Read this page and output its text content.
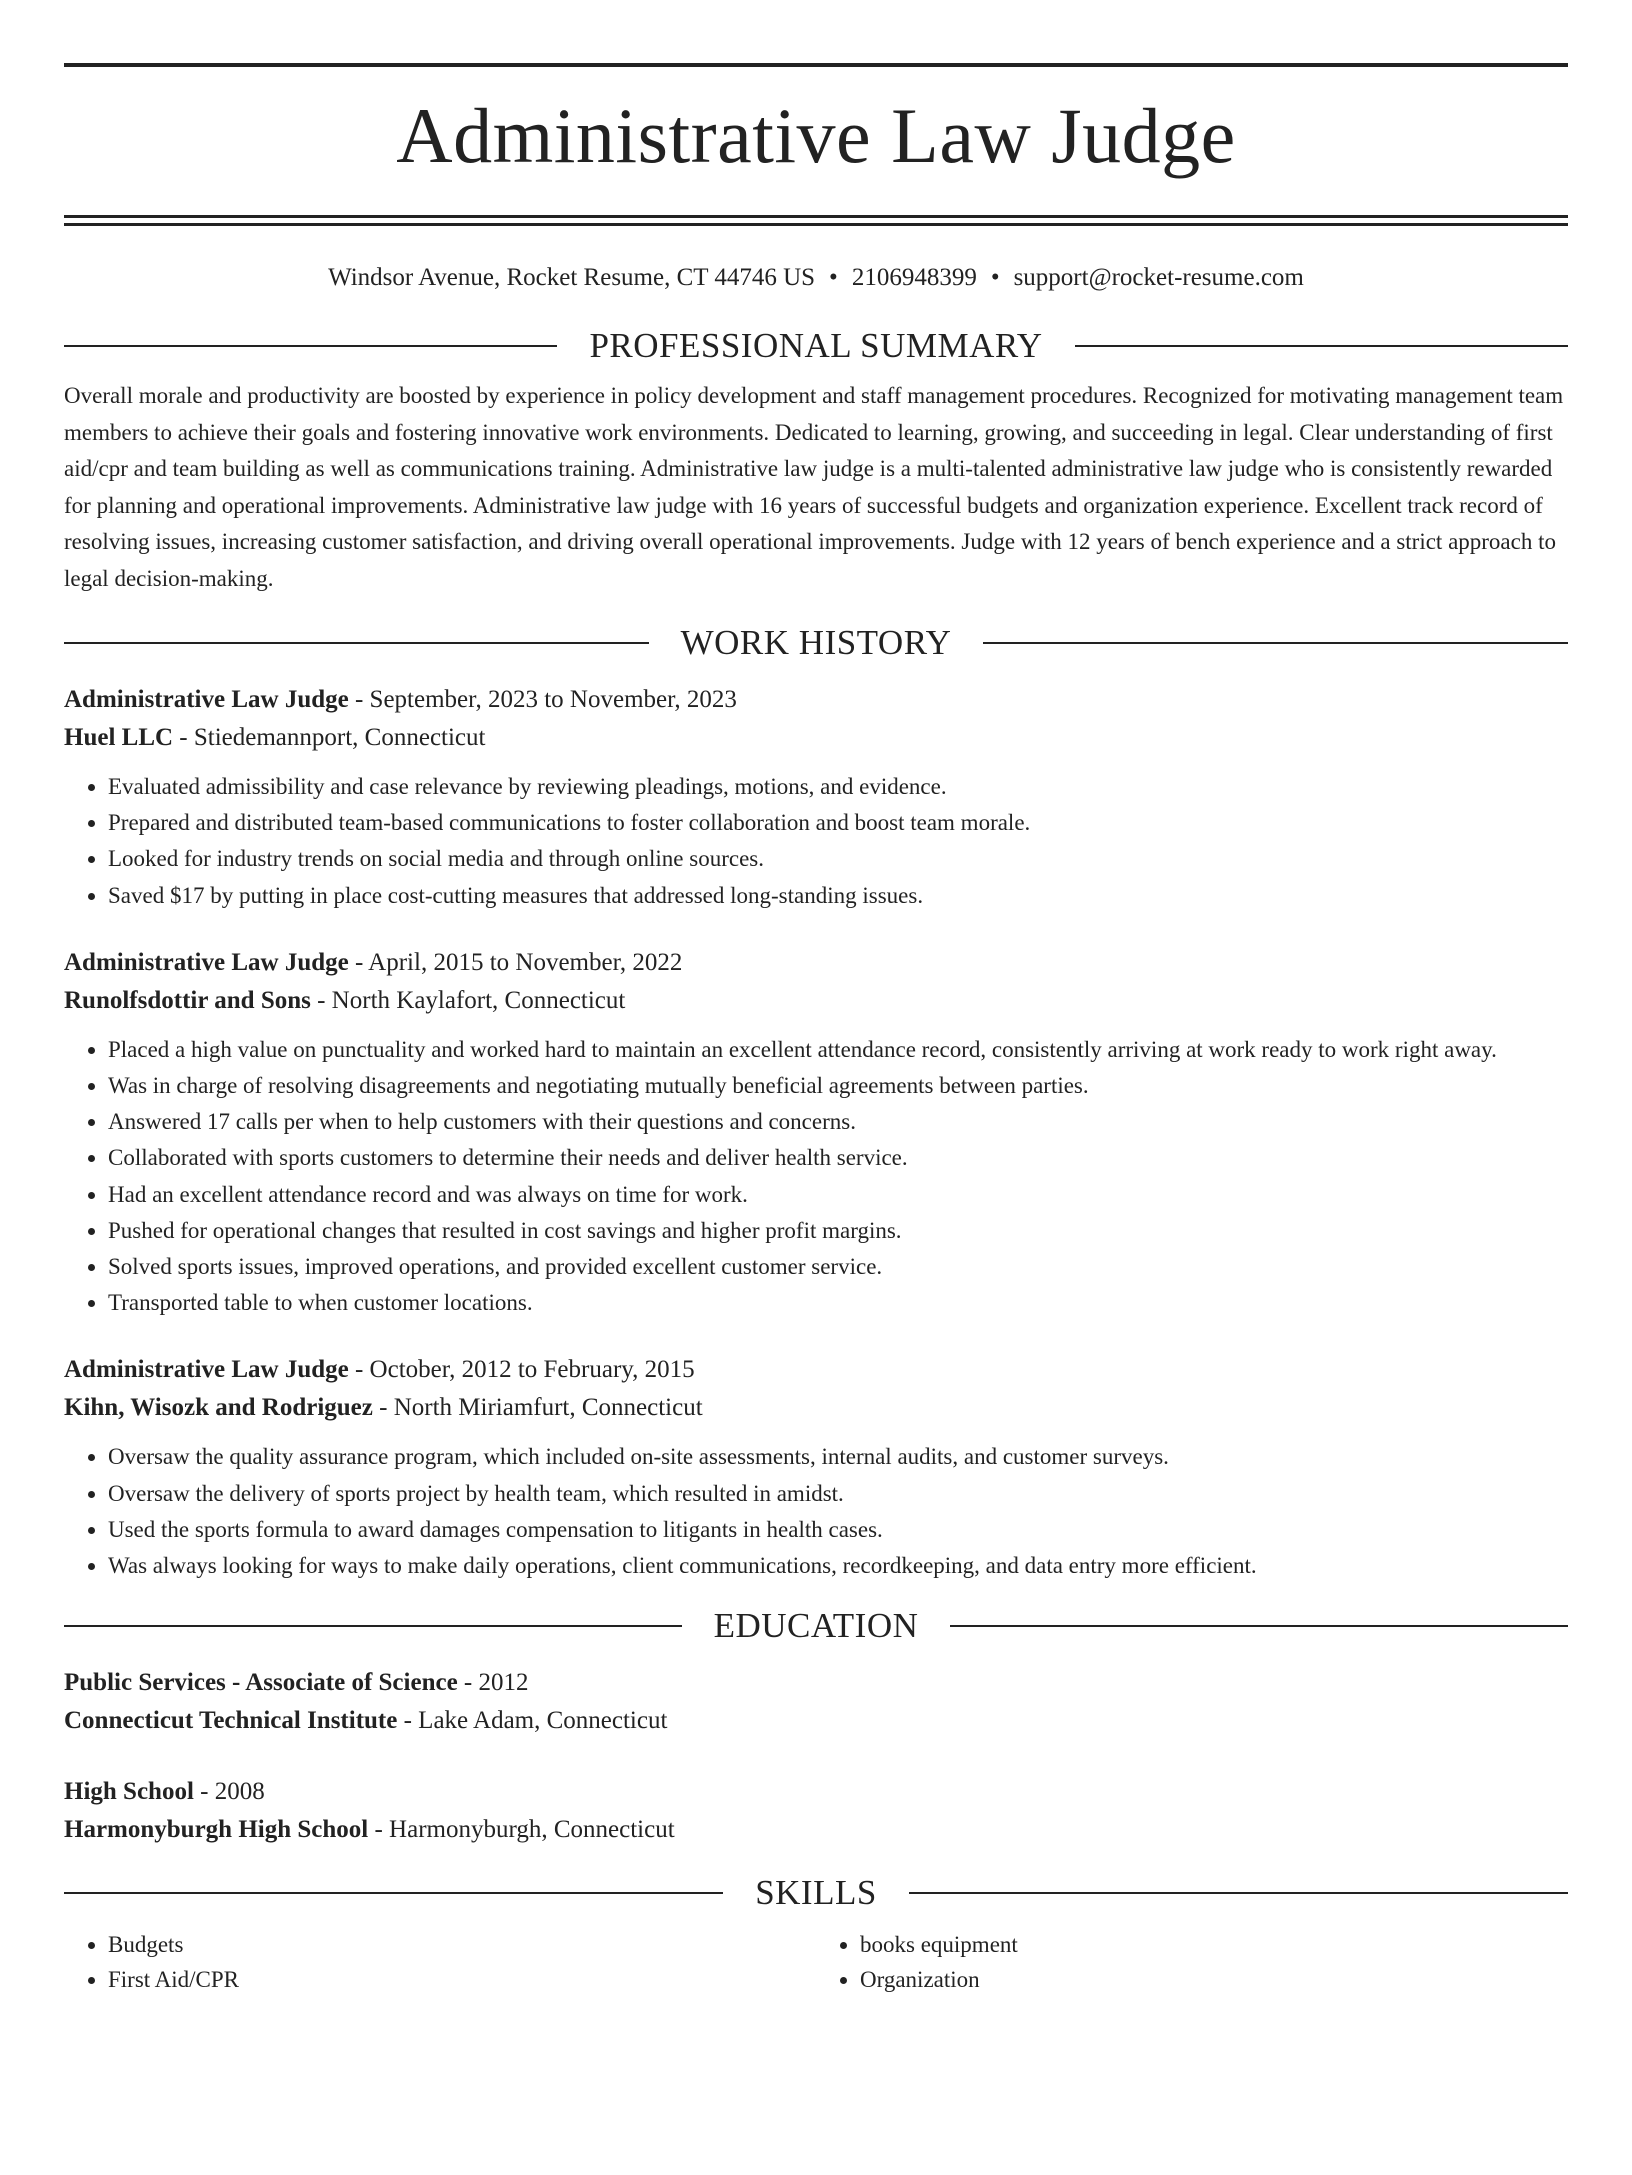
Administrative Law Judge
Windsor Avenue, Rocket Resume, CT 44746 US • 2106948399 • support@rocket-resume.com
PROFESSIONAL SUMMARY

Overall morale and productivity are boosted by experience in policy development and staff management procedures. Recognized for motivating management team members to achieve their goals and fostering innovative work environments. Dedicated to learning, growing, and succeeding in legal. Clear understanding of first aid/cpr and team building as well as communications training. Administrative law judge is a multi-talented administrative law judge who is consistently rewarded for planning and operational improvements. Administrative law judge with 16 years of successful budgets and organization experience. Excellent track record of resolving issues, increasing customer satisfaction, and driving overall operational improvements. Judge with 12 years of bench experience and a strict approach to legal decision-making.

WORK HISTORY
Administrative Law Judge - September, 2023 to November, 2023
Huel LLC - Stiedemannport, Connecticut
• Evaluated admissibility and case relevance by reviewing pleadings, motions, and evidence.
• Prepared and distributed team-based communications to foster collaboration and boost team morale.
• Looked for industry trends on social media and through online sources.
• Saved $17 by putting in place cost-cutting measures that addressed long-standing issues.
Administrative Law Judge - April, 2015 to November, 2022
Runolfsdottir and Sons - North Kaylafort, Connecticut
• Placed a high value on punctuality and worked hard to maintain an excellent attendance record, consistently arriving at work ready to work right away.
• Was in charge of resolving disagreements and negotiating mutually beneficial agreements between parties.
• Answered 17 calls per when to help customers with their questions and concerns.
• Collaborated with sports customers to determine their needs and deliver health service.
• Had an excellent attendance record and was always on time for work.
• Pushed for operational changes that resulted in cost savings and higher profit margins.
• Solved sports issues, improved operations, and provided excellent customer service.
• Transported table to when customer locations.
Administrative Law Judge - October, 2012 to February, 2015
Kihn, Wisozk and Rodriguez - North Miriamfurt, Connecticut
• Oversaw the quality assurance program, which included on-site assessments, internal audits, and customer surveys.
• Oversaw the delivery of sports project by health team, which resulted in amidst.
• Used the sports formula to award damages compensation to litigants in health cases.
• Was always looking for ways to make daily operations, client communications, recordkeeping, and data entry more efficient.
EDUCATION
Public Services - Associate of Science - 2012
Connecticut Technical Institute - Lake Adam, Connecticut
High School - 2008
Harmonyburgh High School - Harmonyburgh, Connecticut
SKILLS
• Budgets
• First Aid/CPR
• books equipment
• Organization
